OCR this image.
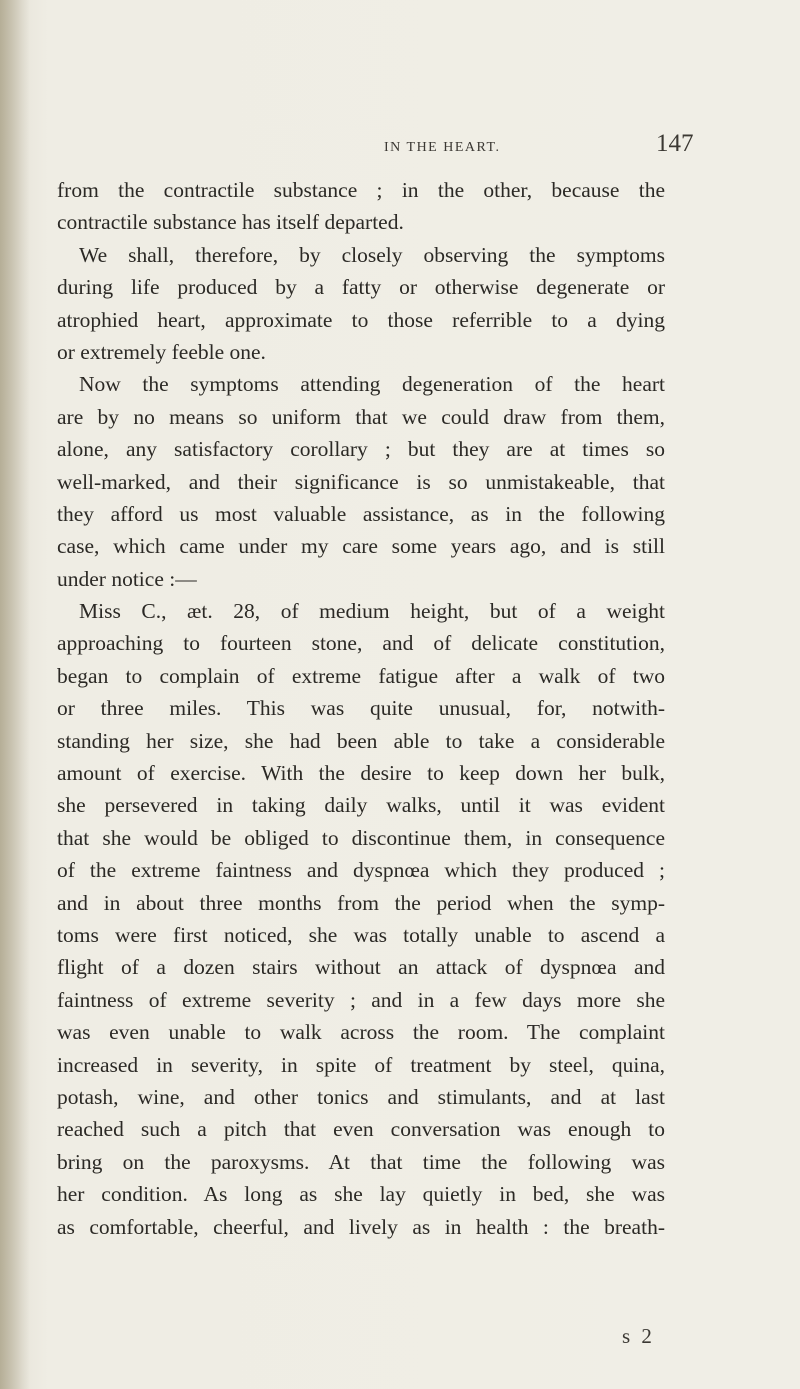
IN THE HEART.	147
from the contractile substance ; in the other, because the
contractile substance has itself departed.
We shall, therefore, by closely observing the symptoms
during life produced by a fatty or otherwise degenerate or
atrophied heart, approximate to those referrible to a dying
or extremely feeble one.
Now the symptoms attending degeneration of the heart
are by no means so uniform that we could draw from them,
alone, any satisfactory corollary ; but they are at times so
well-marked, and their significance is so unmistakeable, that
they afford us most valuable assistance, as in the following
case, which came under my care some years ago, and is still
under notice :—
Miss C., æt. 28, of medium height, but of a weight
approaching to fourteen stone, and of delicate constitution,
began to complain of extreme fatigue after a walk of two
or three miles. This was quite unusual, for, notwith-
standing her size, she had been able to take a considerable
amount of exercise. With the desire to keep down her bulk,
she persevered in taking daily walks, until it was evident
that she would be obliged to discontinue them, in consequence
of the extreme faintness and dyspnœa which they produced ;
and in about three months from the period when the symp-
toms were first noticed, she was totally unable to ascend a
flight of a dozen stairs without an attack of dyspnœa and
faintness of extreme severity ; and in a few days more she
was even unable to walk across the room. The complaint
increased in severity, in spite of treatment by steel, quina,
potash, wine, and other tonics and stimulants, and at last
reached such a pitch that even conversation was enough to
bring on the paroxysms. At that time the following was
her condition. As long as she lay quietly in bed, she was
as comfortable, cheerful, and lively as in health : the breath-
s 2
